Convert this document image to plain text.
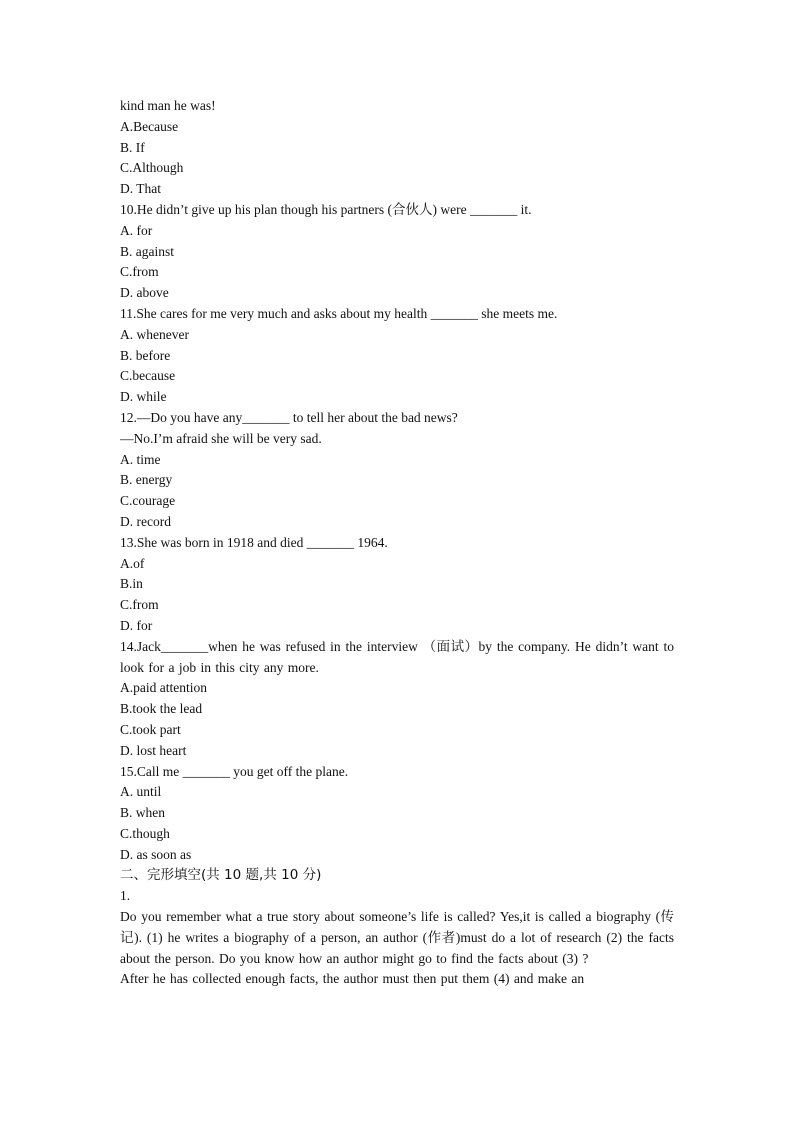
kind man he was!
A.Because
B. If
C.Although
D. That
10.He didn’t give up his plan though his partners (合伙人) were _______ it.
A. for
B. against
C.from
D. above
11.She cares for me very much and asks about my health _______ she meets me.
A. whenever
B. before
C.because
D. while
12.—Do you have any_______ to tell her about the bad news?
—No.I’m afraid she will be very sad.
A. time
B. energy
C.courage
D. record
13.She was born in 1918 and died _______ 1964.
A.of
B.in
C.from
D. for
14.Jack_______when he was refused in the interview （面试）by the company. He didn’t want to look for a job in this city any more.
A.paid attention
B.took the lead
C.took part
D. lost heart
15.Call me _______ you get off the plane.
A. until
B. when
C.though
D. as soon as
二、完形填空(共 10 题,共 10 分)
1.
Do you remember what a true story about someone’s life is called? Yes,it is called a biography (传记). (1) he writes a biography of a person, an author (作者)must do a lot of research (2) the facts about the person. Do you know how an author might go to find the facts about (3) ?
After he has collected enough facts, the author must then put them (4) and make an
